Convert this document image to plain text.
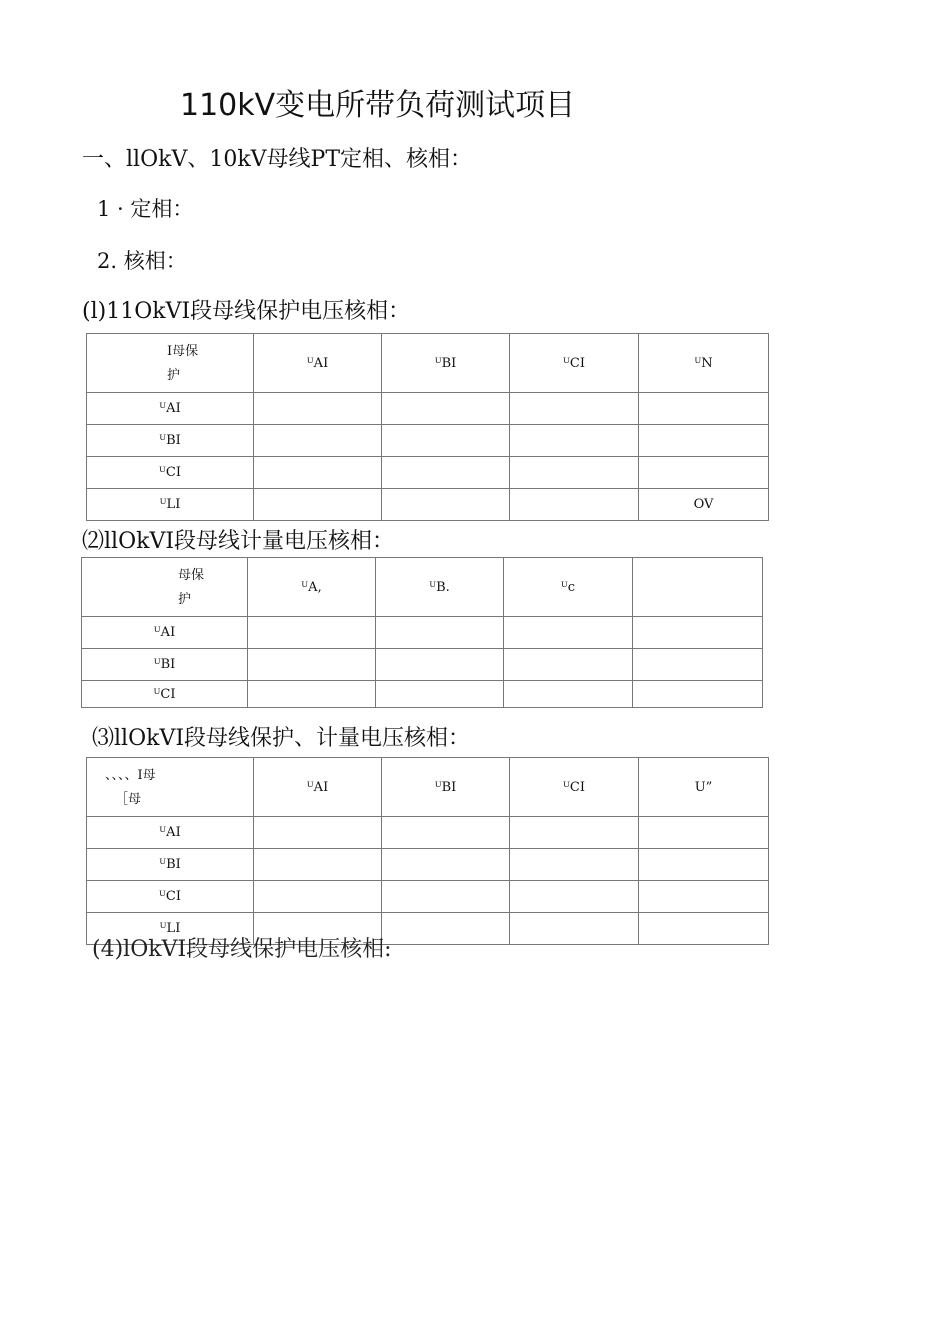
110kV变电所带负荷测试项目
一、llOkV、10kV母线PT定相、核相：
1 · 定相：
2. 核相：
(l)11OkVⅠ段母线保护电压核相：
Ⅰ母保
护	ᵁAⅠ	ᵁBⅠ	ᵁCⅠ	ᵁN
ᵁAⅠ				
ᵁBⅠ				
ᵁCⅠ				
ᵁLⅠ				OV
⑵llOkVⅠ段母线计量电压核相：
母保
护	ᵁA,	ᵁB.	ᵁc	
ᵁAⅠ				
ᵁBⅠ				
ᵁCⅠ				
⑶llOkVⅠ段母线保护、计量电压核相：
、、、、Ⅰ母
［母	ᵁAⅠ	ᵁBⅠ	ᵁCⅠ	U”
ᵁAⅠ				
ᵁBⅠ				
ᵁCⅠ				
ᵁLⅠ				
(4)lOkVⅠ段母线保护电压核相:
